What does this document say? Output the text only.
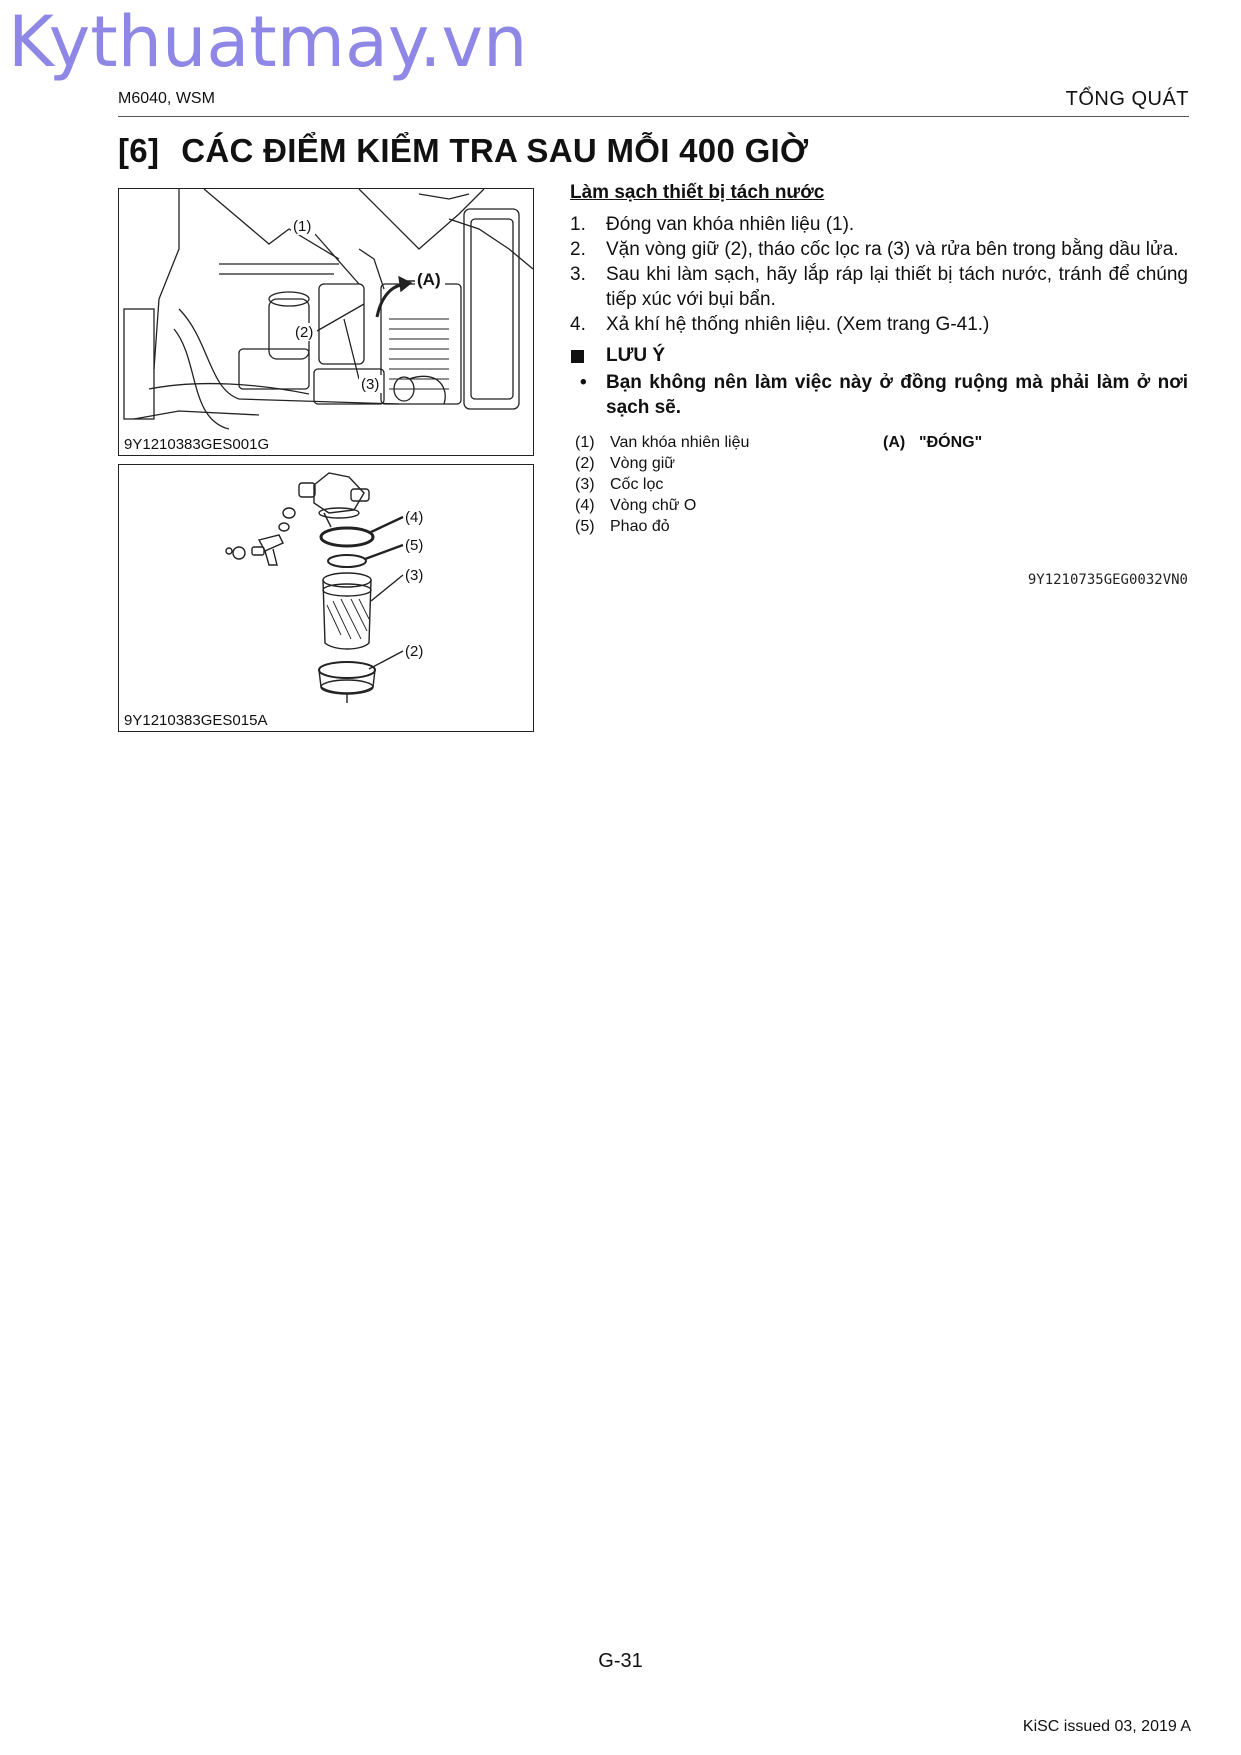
Kythuatmay.vn
M6040, WSM	TỔNG QUÁT
[6] CÁC ĐIỂM KIỂM TRA SAU MỖI 400 GIỜ
(1)
(2)
(3)
(A)
9Y1210383GES001G
(4)
(5)
(3)
(2)
9Y1210383GES015A
Làm sạch thiết bị tách nước
1.	Đóng van khóa nhiên liệu (1).
2.	Vặn vòng giữ (2), tháo cốc lọc ra (3) và rửa bên trong bằng dầu lửa.
3.	Sau khi làm sạch, hãy lắp ráp lại thiết bị tách nước, tránh để chúng tiếp xúc với bụi bẩn.
4.	Xả khí hệ thống nhiên liệu. (Xem trang G-41.)
LƯU Ý
•	Bạn không nên làm việc này ở đồng ruộng mà phải làm ở nơi sạch sẽ.
(1) Van khóa nhiên liệu
(2) Vòng giữ
(3) Cốc lọc
(4) Vòng chữ O
(5) Phao đỏ
(A) "ĐÓNG"
9Y1210735GEG0032VN0
G-31
KiSC issued 03, 2019 A
